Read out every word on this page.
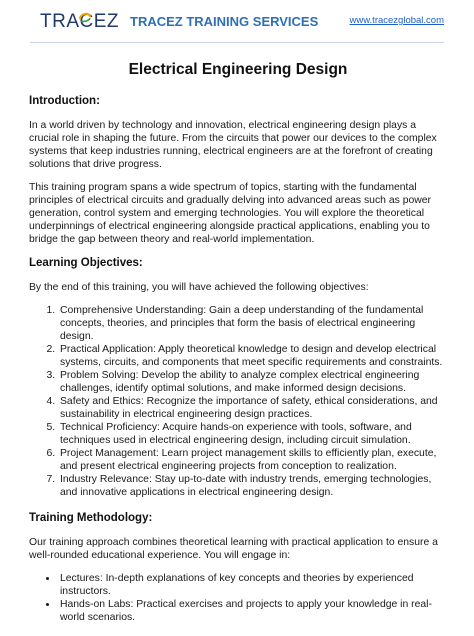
TRACEZ TRACEZ TRAINING SERVICES	www.tracezglobal.com
Electrical Engineering Design
Introduction:

In a world driven by technology and innovation, electrical engineering design plays a crucial role in shaping the future. From the circuits that power our devices to the complex systems that keep industries running, electrical engineers are at the forefront of creating solutions that drive progress.

This training program spans a wide spectrum of topics, starting with the fundamental principles of electrical circuits and gradually delving into advanced areas such as power generation, control system and emerging technologies. You will explore the theoretical underpinnings of electrical engineering alongside practical applications, enabling you to bridge the gap between theory and real-world implementation.

Learning Objectives:

By the end of this training, you will have achieved the following objectives:

1. Comprehensive Understanding: Gain a deep understanding of the fundamental concepts, theories, and principles that form the basis of electrical engineering design.
2. Practical Application: Apply theoretical knowledge to design and develop electrical systems, circuits, and components that meet specific requirements and constraints.
3. Problem Solving: Develop the ability to analyze complex electrical engineering challenges, identify optimal solutions, and make informed design decisions.
4. Safety and Ethics: Recognize the importance of safety, ethical considerations, and sustainability in electrical engineering design practices.
5. Technical Proficiency: Acquire hands-on experience with tools, software, and techniques used in electrical engineering design, including circuit simulation.
6. Project Management: Learn project management skills to efficiently plan, execute, and present electrical engineering projects from conception to realization.
7. Industry Relevance: Stay up-to-date with industry trends, emerging technologies, and innovative applications in electrical engineering design.
Training Methodology:

Our training approach combines theoretical learning with practical application to ensure a well-rounded educational experience. You will engage in:

• Lectures: In-depth explanations of key concepts and theories by experienced instructors.
• Hands-on Labs: Practical exercises and projects to apply your knowledge in real-world scenarios.
